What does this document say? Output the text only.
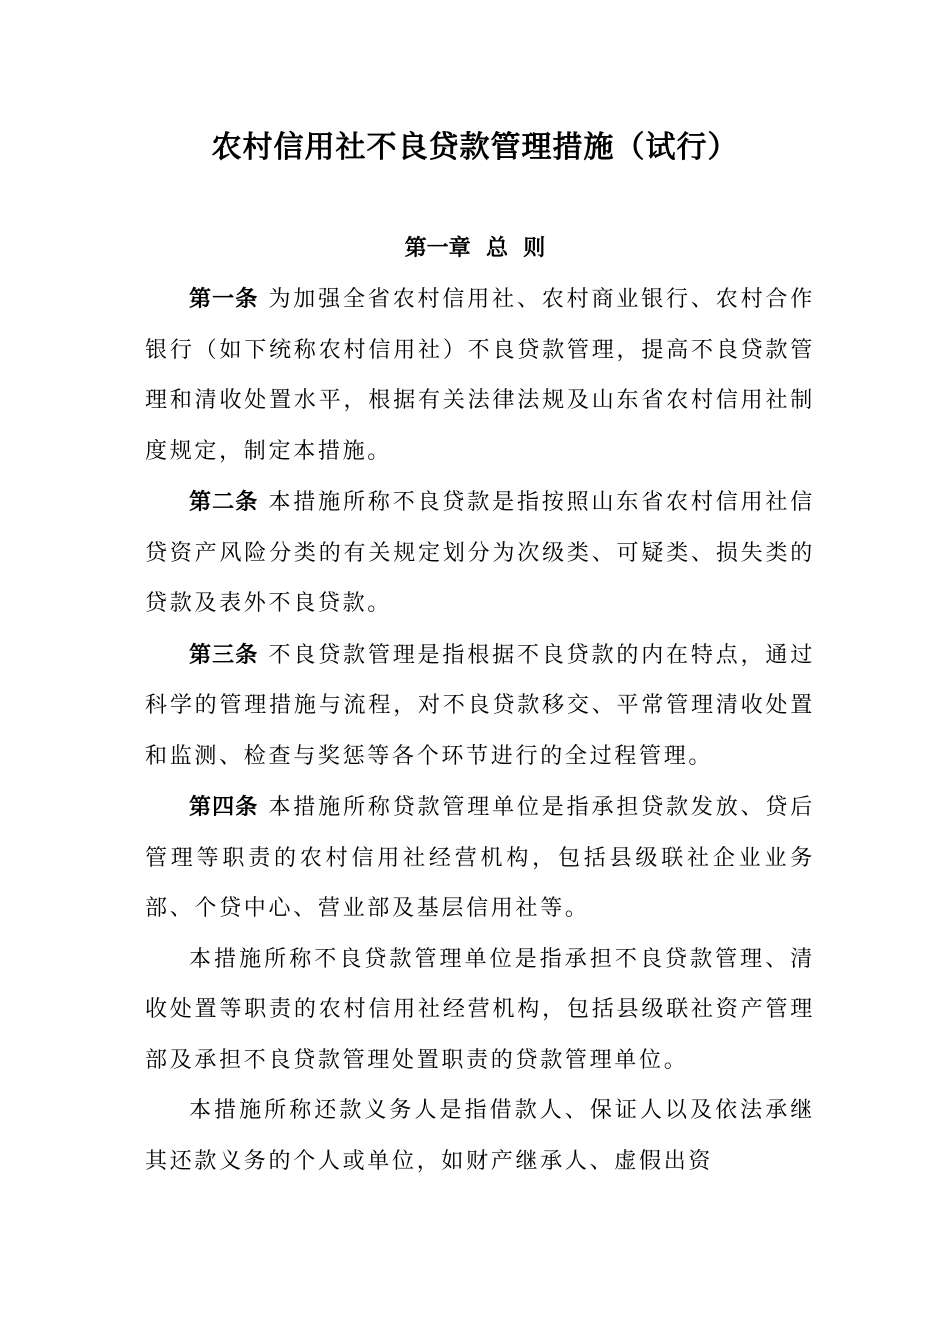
农村信用社不良贷款管理措施（试行）
第一章  总  则

第一条 为加强全省农村信用社、农村商业银行、农村合作银行（如下统称农村信用社）不良贷款管理，提高不良贷款管理和清收处置水平，根据有关法律法规及山东省农村信用社制度规定，制定本措施。

第二条 本措施所称不良贷款是指按照山东省农村信用社信贷资产风险分类的有关规定划分为次级类、可疑类、损失类的贷款及表外不良贷款。

第三条 不良贷款管理是指根据不良贷款的内在特点，通过科学的管理措施与流程，对不良贷款移交、平常管理清收处置和监测、检查与奖惩等各个环节进行的全过程管理。

第四条 本措施所称贷款管理单位是指承担贷款发放、贷后管理等职责的农村信用社经营机构，包括县级联社企业业务部、个贷中心、营业部及基层信用社等。

本措施所称不良贷款管理单位是指承担不良贷款管理、清收处置等职责的农村信用社经营机构，包括县级联社资产管理部及承担不良贷款管理处置职责的贷款管理单位。

本措施所称还款义务人是指借款人、保证人以及依法承继其还款义务的个人或单位，如财产继承人、虚假出资
